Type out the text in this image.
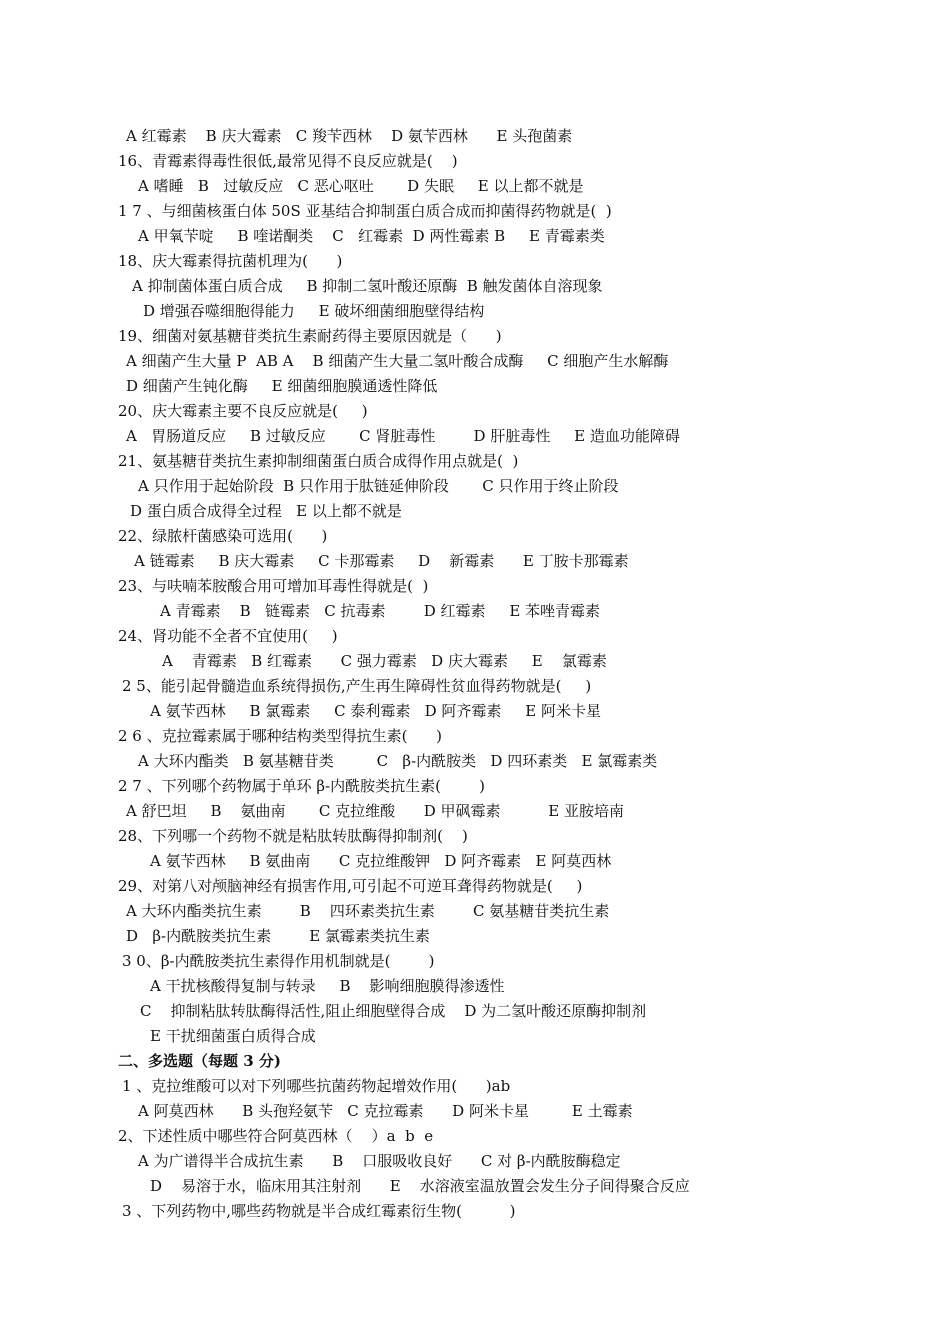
A 红霉素    B 庆大霉素   C 羧苄西林    D 氨苄西林      E 头孢菌素
16、青霉素得毒性很低,最常见得不良反应就是(    )
A 嗜睡   B   过敏反应   C 恶心呕吐       D 失眠     E 以上都不就是
1 7 、与细菌核蛋白体 50S 亚基结合抑制蛋白质合成而抑菌得药物就是(  )
A 甲氧苄啶     B 喹诺酮类    C   红霉素  D 两性霉素 B     E 青霉素类
18、庆大霉素得抗菌机理为(      )
A 抑制菌体蛋白质合成     B 抑制二氢叶酸还原酶  B 触发菌体自溶现象
D 增强吞噬细胞得能力     E 破坏细菌细胞壁得结构
19、细菌对氨基糖苷类抗生素耐药得主要原因就是（      )
A 细菌产生大量 P  AB A    B 细菌产生大量二氢叶酸合成酶     C 细胞产生水解酶
D 细菌产生钝化酶     E 细菌细胞膜通透性降低
20、庆大霉素主要不良反应就是(     )
A   胃肠道反应     B 过敏反应       C 肾脏毒性        D 肝脏毒性     E 造血功能障碍
21、氨基糖苷类抗生素抑制细菌蛋白质合成得作用点就是(  )
A 只作用于起始阶段  B 只作用于肽链延伸阶段       C 只作用于终止阶段
D 蛋白质合成得全过程   E 以上都不就是
22、绿脓杆菌感染可选用(      )
A 链霉素     B 庆大霉素     C 卡那霉素     D    新霉素      E 丁胺卡那霉素
23、与呋喃苯胺酸合用可增加耳毒性得就是(  )
A 青霉素    B   链霉素   C 抗毒素        D 红霉素     E 苯唑青霉素
24、肾功能不全者不宜使用(     )
A    青霉素   B 红霉素      C 强力霉素   D 庆大霉素     E    氯霉素
2 5、能引起骨髓造血系统得损伤,产生再生障碍性贫血得药物就是(     )
A 氨苄西林     B 氯霉素     C 泰利霉素   D 阿齐霉素     E 阿米卡星
2 6 、克拉霉素属于哪种结构类型得抗生素(      )
A 大环内酯类   B 氨基糖苷类         C   β-内酰胺类   D 四环素类   E 氯霉素类
2 7 、下列哪个药物属于单环 β-内酰胺类抗生素(        )
A 舒巴坦     B    氨曲南       C 克拉维酸      D 甲砜霉素          E 亚胺培南
28、下列哪一个药物不就是粘肽转肽酶得抑制剂(    )
A 氨苄西林     B 氨曲南      C 克拉维酸钾   D 阿齐霉素   E 阿莫西林
29、对第八对颅脑神经有损害作用,可引起不可逆耳聋得药物就是(     )
A 大环内酯类抗生素        B    四环素类抗生素        C 氨基糖苷类抗生素
D   β-内酰胺类抗生素        E 氯霉素类抗生素
3 0、β-内酰胺类抗生素得作用机制就是(        )
A 干扰核酸得复制与转录     B    影响细胞膜得渗透性
C    抑制粘肽转肽酶得活性,阻止细胞壁得合成    D 为二氢叶酸还原酶抑制剂
E 干扰细菌蛋白质得合成
二、多选题（每题 3 分)
1 、克拉维酸可以对下列哪些抗菌药物起增效作用(      )ab
A 阿莫西林      B 头孢羟氨苄   C 克拉霉素      D 阿米卡星         E 土霉素
2、下述性质中哪些符合阿莫西林（    ）a  b  e
A 为广谱得半合成抗生素      B    口服吸收良好      C 对 β-内酰胺酶稳定
D    易溶于水，临床用其注射剂      E    水溶液室温放置会发生分子间得聚合反应
3 、下列药物中,哪些药物就是半合成红霉素衍生物(          )
